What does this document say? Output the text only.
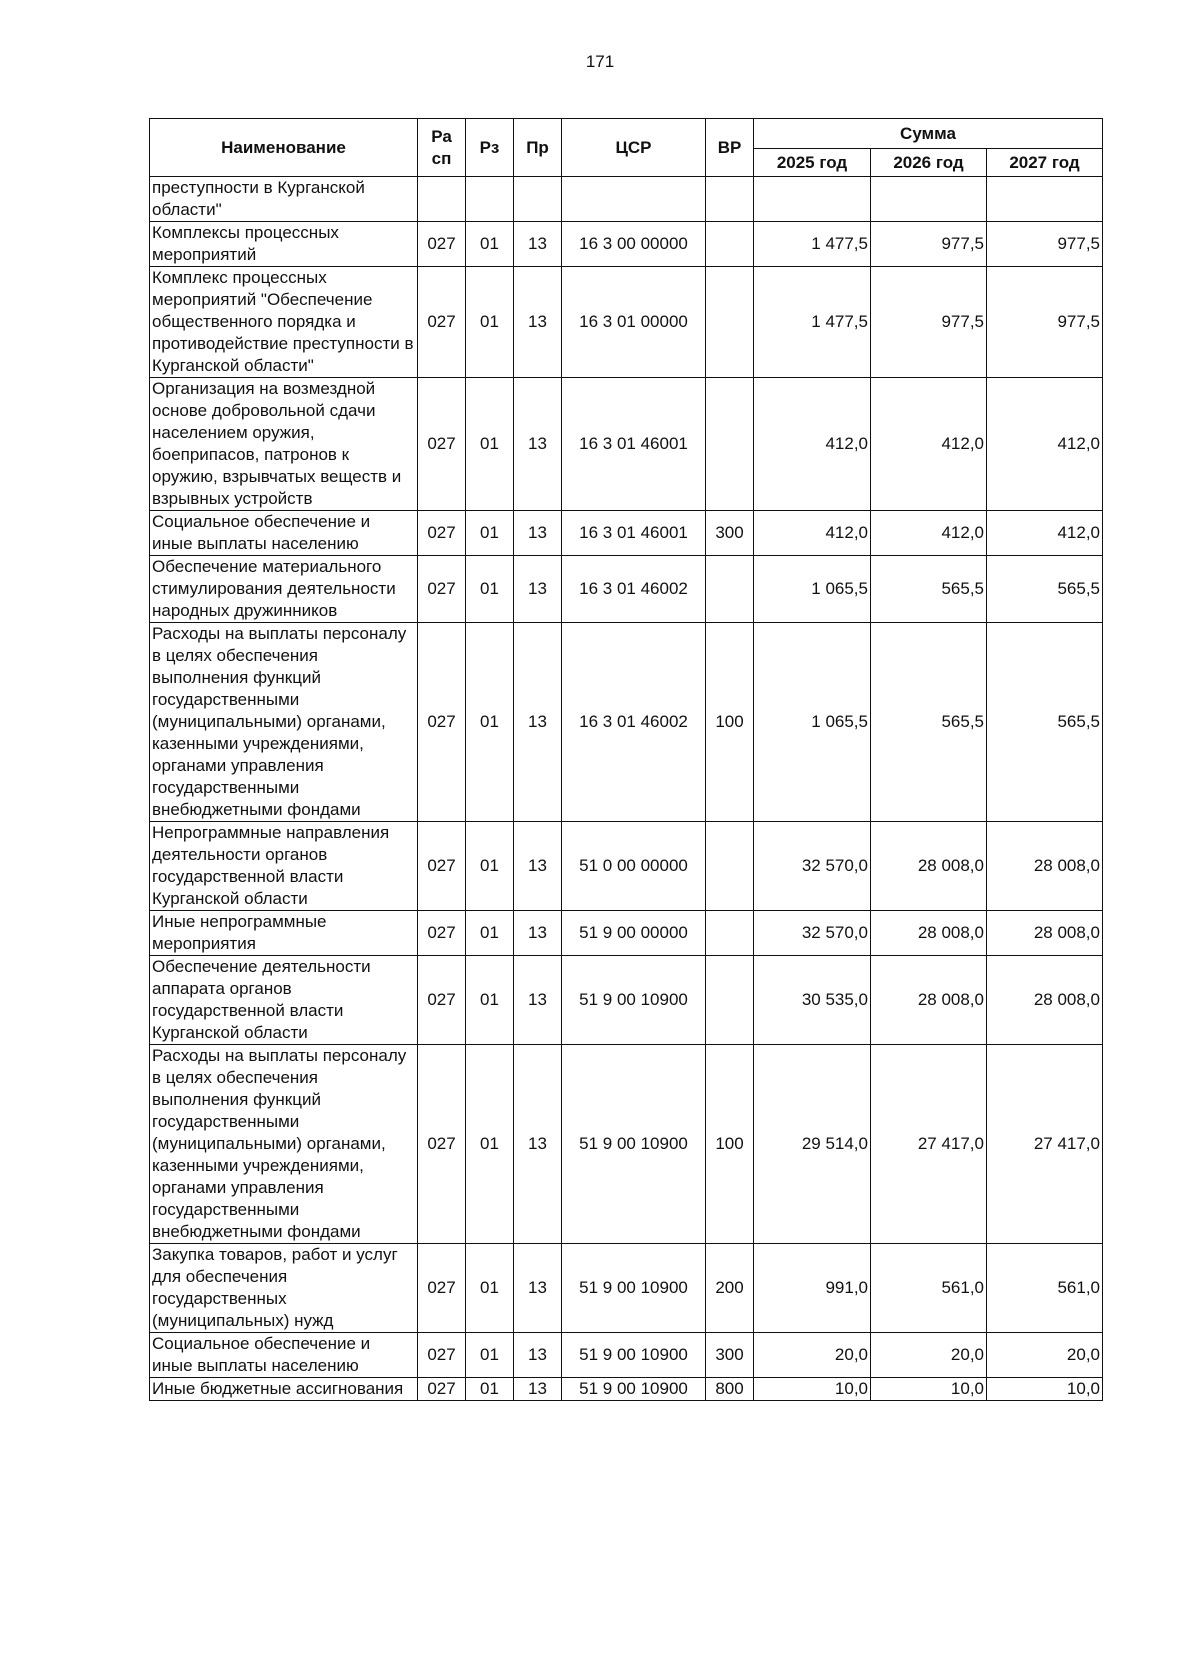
171
Наименование	Ра сп	Рз	Пр	ЦСР	ВР	Сумма		
						2025 год	2026 год	2027 год
преступности в Курганской области"								
Комплексы процессных мероприятий	027	01	13	16 3 00 00000		1 477,5	977,5	977,5
Комплекс процессных мероприятий "Обеспечение общественного порядка и противодействие преступности в Курганской области"	027	01	13	16 3 01 00000		1 477,5	977,5	977,5
Организация на возмездной основе добровольной сдачи населением оружия, боеприпасов, патронов к оружию, взрывчатых веществ и взрывных устройств	027	01	13	16 3 01 46001		412,0	412,0	412,0
Социальное обеспечение и иные выплаты населению	027	01	13	16 3 01 46001	300	412,0	412,0	412,0
Обеспечение материального стимулирования деятельности народных дружинников	027	01	13	16 3 01 46002		1 065,5	565,5	565,5
Расходы на выплаты персоналу в целях обеспечения выполнения функций государственными (муниципальными) органами, казенными учреждениями, органами управления государственными внебюджетными фондами	027	01	13	16 3 01 46002	100	1 065,5	565,5	565,5
Непрограммные направления деятельности органов государственной власти Курганской области	027	01	13	51 0 00 00000		32 570,0	28 008,0	28 008,0
Иные непрограммные мероприятия	027	01	13	51 9 00 00000		32 570,0	28 008,0	28 008,0
Обеспечение деятельности аппарата органов государственной власти Курганской области	027	01	13	51 9 00 10900		30 535,0	28 008,0	28 008,0
Расходы на выплаты персоналу в целях обеспечения выполнения функций государственными (муниципальными) органами, казенными учреждениями, органами управления государственными внебюджетными фондами	027	01	13	51 9 00 10900	100	29 514,0	27 417,0	27 417,0
Закупка товаров, работ и услуг для обеспечения государственных (муниципальных) нужд	027	01	13	51 9 00 10900	200	991,0	561,0	561,0
Социальное обеспечение и иные выплаты населению	027	01	13	51 9 00 10900	300	20,0	20,0	20,0
Иные бюджетные ассигнования	027	01	13	51 9 00 10900	800	10,0	10,0	10,0
